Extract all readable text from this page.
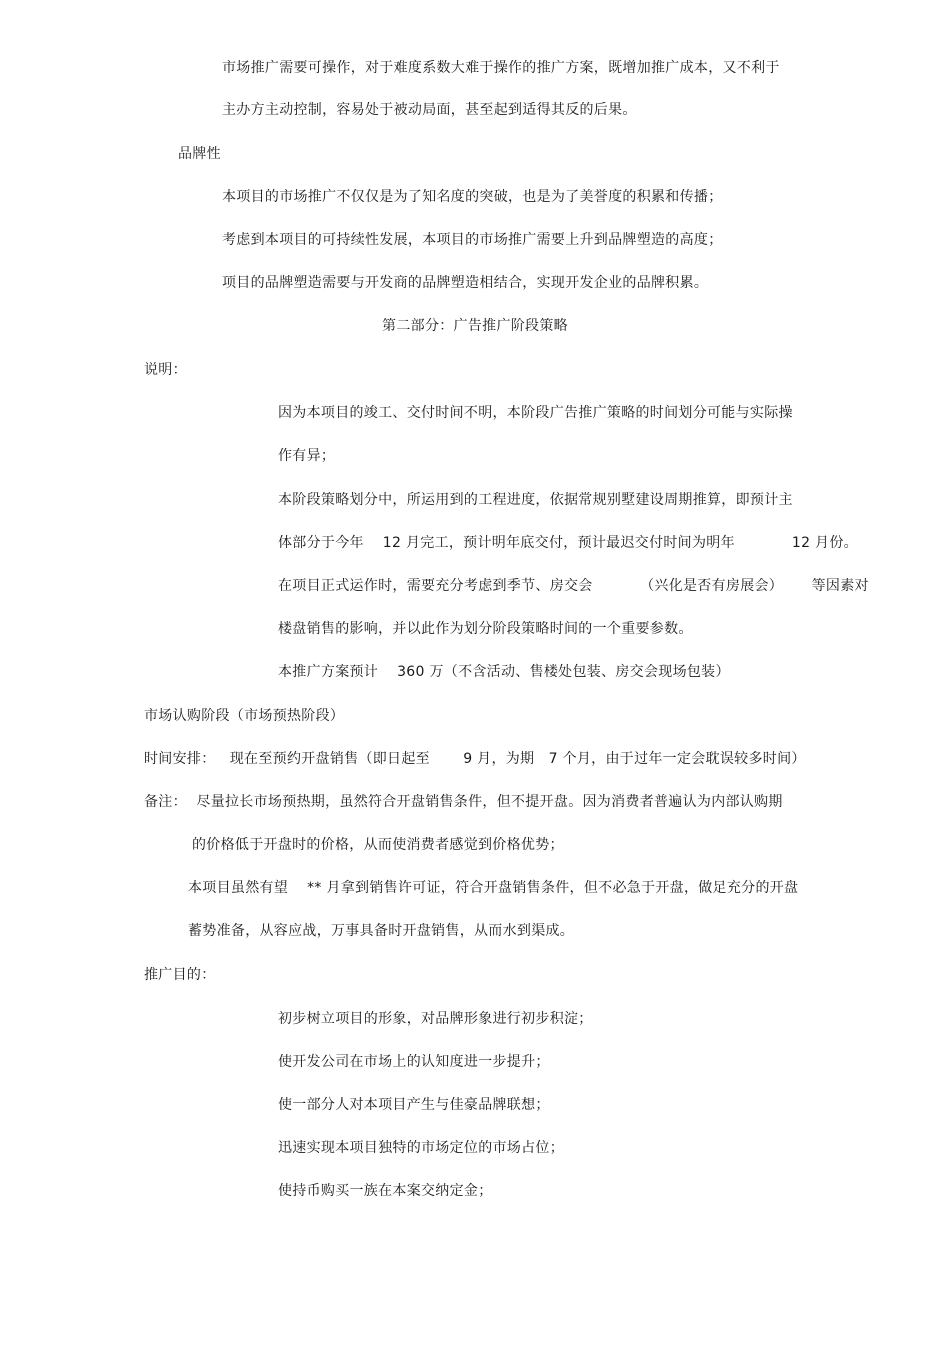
市场推广需要可操作，对于难度系数大难于操作的推广方案，既增加推广成本，又不利于
主办方主动控制，容易处于被动局面，甚至起到适得其反的后果。
品牌性
本项目的市场推广不仅仅是为了知名度的突破，也是为了美誉度的积累和传播；
考虑到本项目的可持续性发展，本项目的市场推广需要上升到品牌塑造的高度；
项目的品牌塑造需要与开发商的品牌塑造相结合，实现开发企业的品牌积累。
第二部分：广告推广阶段策略
说明：
因为本项目的竣工、交付时间不明，本阶段广告推广策略的时间划分可能与实际操
作有异；
本阶段策略划分中，所运用到的工程进度，依据常规别墅建设周期推算，即预计主
体部分于今年    12 月完工，预计明年底交付，预计最迟交付时间为明年            12 月份。
在项目正式运作时，需要充分考虑到季节、房交会          （兴化是否有房展会）      等因素对
楼盘销售的影响，并以此作为划分阶段策略时间的一个重要参数。
本推广方案预计    360 万（不含活动、售楼处包装、房交会现场包装）
市场认购阶段（市场预热阶段）
时间安排：   现在至预约开盘销售（即日起至       9 月，为期   7 个月，由于过年一定会耽误较多时间）
备注：  尽量拉长市场预热期，虽然符合开盘销售条件，但不提开盘。因为消费者普遍认为内部认购期
的价格低于开盘时的价格，从而使消费者感觉到价格优势；
本项目虽然有望    ** 月拿到销售许可证，符合开盘销售条件，但不必急于开盘，做足充分的开盘
蓄势准备，从容应战，万事具备时开盘销售，从而水到渠成。
推广目的：
初步树立项目的形象，对品牌形象进行初步积淀；
使开发公司在市场上的认知度进一步提升；
使一部分人对本项目产生与佳豪品牌联想；
迅速实现本项目独特的市场定位的市场占位；
使持币购买一族在本案交纳定金；
